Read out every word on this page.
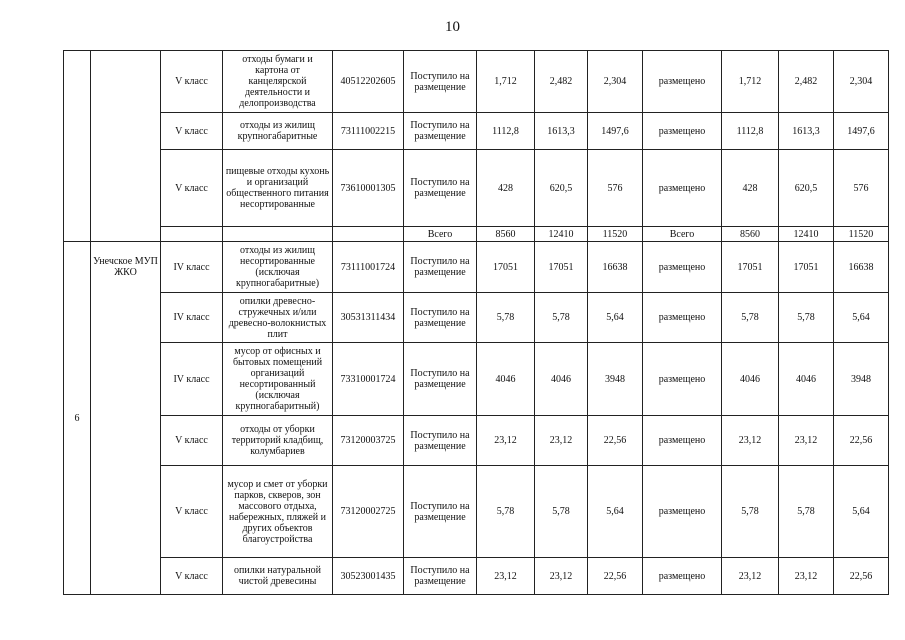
10
		V класс	отходы бумаги и картона от канцелярской деятельности и делопроизводства	40512202605	Поступило на размещение	1,712	2,482	2,304	размещено	1,712	2,482	2,304
		V класс	отходы из жилищ крупногабаритные	73111002215	Поступило на размещение	1112,8	1613,3	1497,6	размещено	1112,8	1613,3	1497,6
		V класс	пищевые отходы кухонь и организаций общественного питания несортированные	73610001305	Поступило на размещение	428	620,5	576	размещено	428	620,5	576
					Всего	8560	12410	11520	Всего	8560	12410	11520
6	Унечское МУП ЖКО	IV класс	отходы из жилищ несортированные (исключая крупногабаритные)	73111001724	Поступило на размещение	17051	17051	16638	размещено	17051	17051	16638
		IV класс	опилки древесно-стружечных и/или древесно-волокнистых плит	30531311434	Поступило на размещение	5,78	5,78	5,64	размещено	5,78	5,78	5,64
		IV класс	мусор от офисных и бытовых помещений организаций несортированный (исключая крупногабаритный)	73310001724	Поступило на размещение	4046	4046	3948	размещено	4046	4046	3948
		V класс	отходы от уборки территорий кладбищ, колумбариев	73120003725	Поступило на размещение	23,12	23,12	22,56	размещено	23,12	23,12	22,56
		V класс	мусор и смет от уборки парков, скверов, зон массового отдыха, набережных, пляжей и других объектов благоустройства	73120002725	Поступило на размещение	5,78	5,78	5,64	размещено	5,78	5,78	5,64
		V класс	опилки натуральной чистой древесины	30523001435	Поступило на размещение	23,12	23,12	22,56	размещено	23,12	23,12	22,56
